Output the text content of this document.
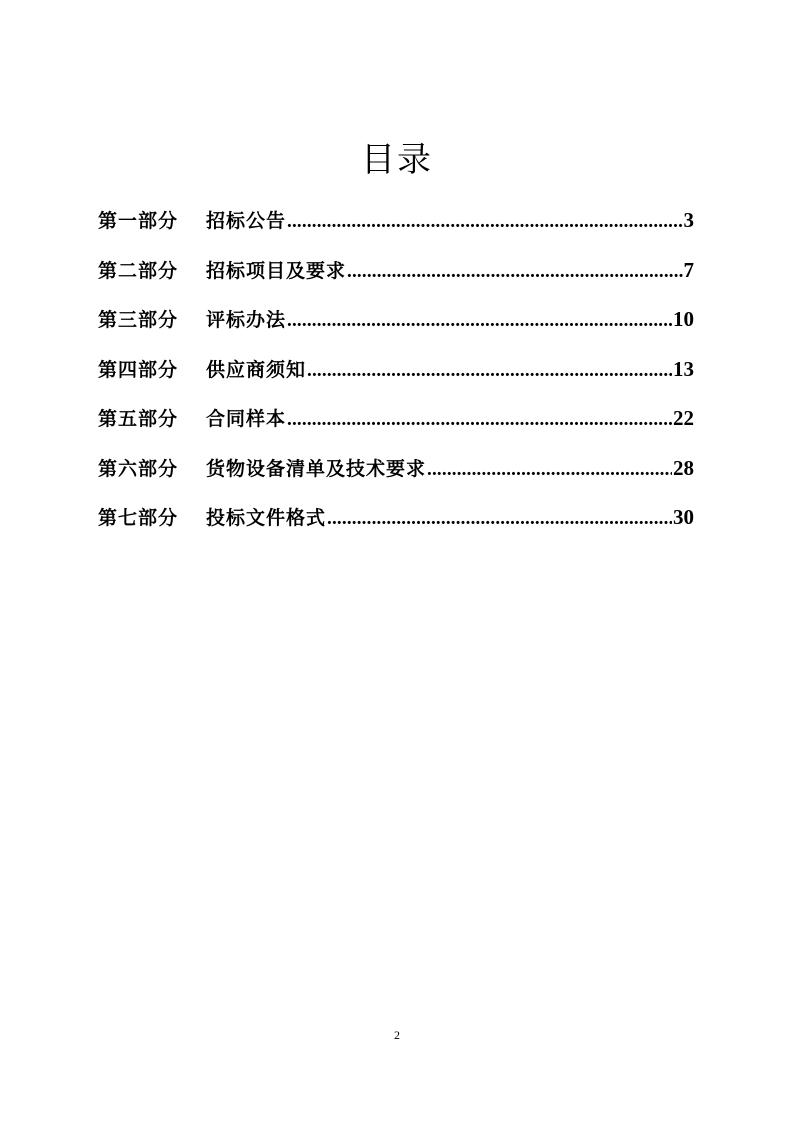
目录
第一部分	招标公告 .....	3
第二部分	招标项目及要求 .....	7
第三部分	评标办法 .....	10
第四部分	供应商须知 .....	13
第五部分	合同样本 .....	22
第六部分	货物设备清单及技术要求 .....	28
第七部分	投标文件格式 .....	30
2
